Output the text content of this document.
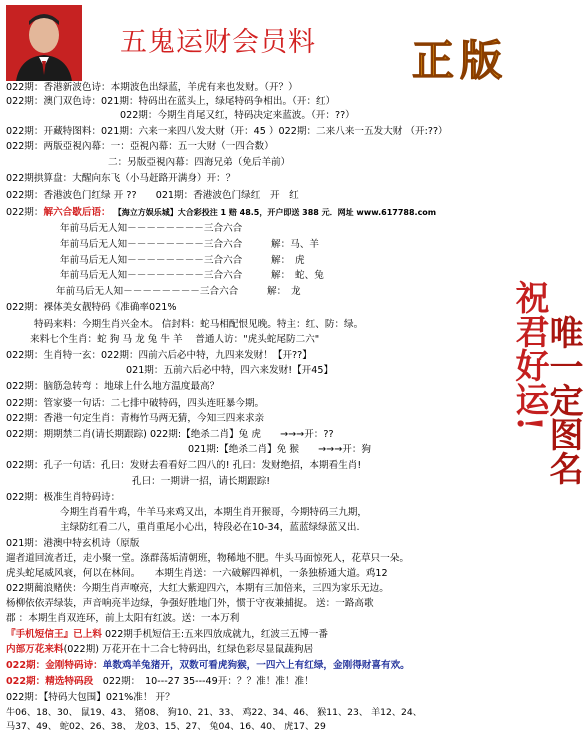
五鬼运财会员料 正版
祝君好运!
唯一定图名
022期：香港新波色诗：本期波色出绿蓝，羊虎有来也发财。（开？）
022期：澳门双色诗：021期：特码出在蓝头上，绿尾特码争相出。（开：红）
022期：今期生肖尾又红，特码决定来蓝波。（开：??）
022期：开藏特图料：021期：六来一来四八发大财（开：45 ）022期：二来八来一五发大财 （开:??）
022期：两版亞視內幕：一：亞視內幕：五一大财（一四合数）
二：另版亞視內幕：四海兄弟（免后羊前）
022期拱算盘：大醒向东飞（小马赶路开满身）开：？
022期：香港波色门红绿 开 ??　　021期：香港波色门绿红　开　红
022期：解六合歇后语： 【海立方娱乐城】大合彩投注 1 赔 48.5，开户即送 388 元．网址 www.617788.com
年前马后无人知－－－－－－－－三合六合
年前马后无人知－－－－－－－－三合六合　　　解：马、羊
年前马后无人知－－－－－－－－三合六合　　　解：　虎
年前马后无人知－－－－－－－－三合六合　　　解：　蛇、兔
年前马后无人知－－－－－－－－三合六合　　　解：　龙
022期：裸体美女靓特码《准确率021%
特码来料：今期生肖兴金木。 信封料：蛇马相配恨见晚。特主：红、防：绿。
来料七个生肖：蛇 狗 马 龙 兔 牛 羊　 普通人访："虎头蛇尾防二六"
022期：生肖特一玄：022期：四前六后必中特，九四来发财！【开??】
021期：五前六后必中特，四六来发财!【开45】
022期：脑筋急转弯 ：地球上什么地方温度最高？
022期：管家婆一句话：二七排中破特码，四头连旺暴今期。
022期：香港一句定生肖：青梅竹马两无猜，今知三四来求亲
022期：期期禁二肖(请长期跟踪) 022期:【绝杀二肖】兔 虎　　→→→开：??
021期:【绝杀二肖】免 猴　　→→→开：狗
022期：孔子一句话：孔曰：发财去看看好二四八的! 孔曰：发财绝招，本期看生肖!
孔曰：一期讲一招，请长期跟踪!
022期：极准生肖特码诗：
今期生肖看牛鸡，牛羊马来鸡又出，本期生肖开猴哥，今期特码三九期，
主绿防红看二八，重肖重尾小心出，特段必在10-34，蓝蓝绿绿蓝又出.
021期：港澳中特玄机诗（原版
遛者道回流者迁，走小聚一堂。涤群荡垢清朝班，物稀地不肥。牛头马面惊死人，花草只一朵。
虎头蛇尾威风衰，何以在林间。　　本期生肖送：一六破解四禅机，一条独桥通大道。鸡12
022期蔺浪赌侠：今期生肖声嘹亮，大红大紫迎四六，本期有三加倍来，三四为家乐无边。
杨柳依依弄绿装，声音响亮半边绿，争强好胜地门外，惯于守夜兼捕捉。 送：一路高歌
郡 ：本期生肖双连环，前上太阳有红波。送：一本万利
『手机短信王』已上料 022期手机短信王:五来四放成就九，红波三五博一番
内部万花来料(022期) 万花开在十二合七特码出，红绿色彩尽显鼠蔬狗居
022期：金刚特码诗：单数鸡羊兔猪开，双数可看虎狗猴，一四六上有红绿，金刚得财喜有欢。
022期：精选特码段　 022期：　10---27 35---49开：？？准！准！准！
022期：【特码大包围】021%准！ 开？
牛06、18、30、 鼠19、43、 猪08、 狗10、21、33、 鸡22、34、46、 猴11、23、 羊12、24、
马37、49、 蛇02、26、38、 龙03、15、27、 兔04、16、40、 虎17、29
